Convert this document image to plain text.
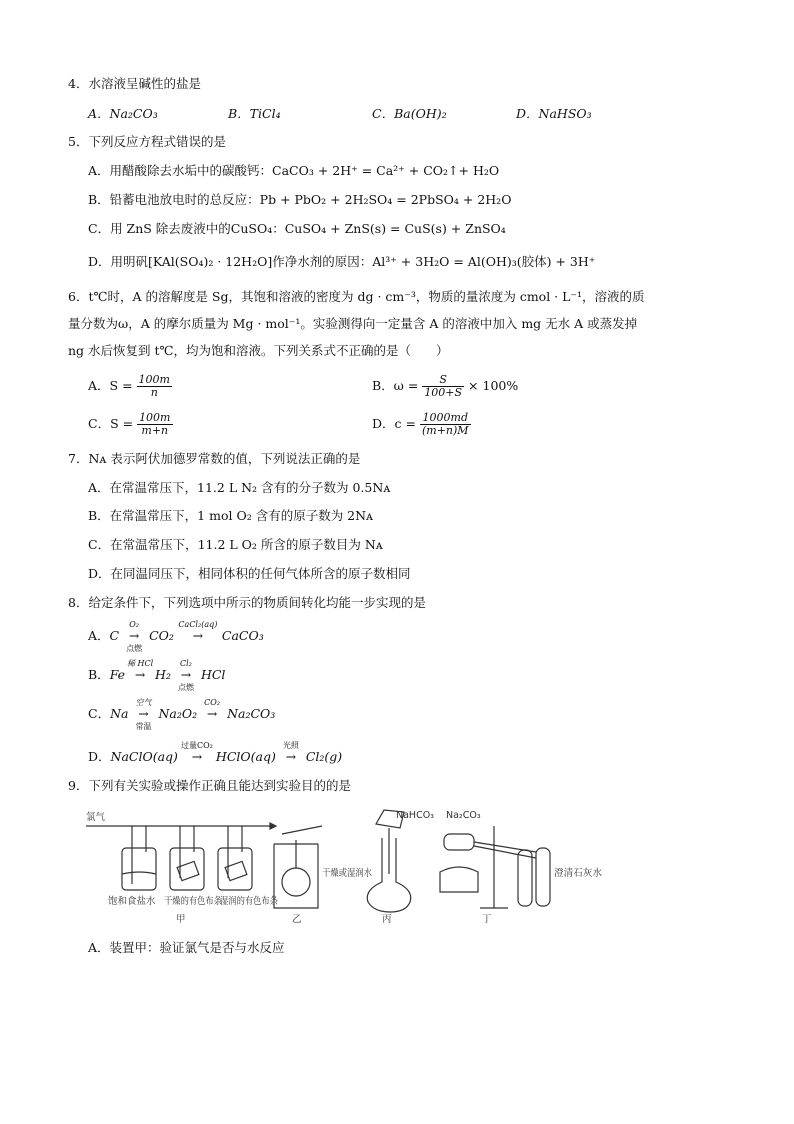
4．水溶液呈碱性的盐是
A．Na₂CO₃	B．TiCl₄	C．Ba(OH)₂	D．NaHSO₃
5．下列反应方程式错误的是
A．用醋酸除去水垢中的碳酸钙：CaCO₃ + 2H⁺ = Ca²⁺ + CO₂↑+ H₂O
B．铅蓄电池放电时的总反应：Pb + PbO₂ + 2H₂SO₄ = 2PbSO₄ + 2H₂O
C．用 ZnS 除去废液中的CuSO₄：CuSO₄ + ZnS(s) = CuS(s) + ZnSO₄
D．用明矾[KAl(SO₄)₂ · 12H₂O]作净水剂的原因：Al³⁺ + 3H₂O = Al(OH)₃(胶体) + 3H⁺
6．t℃时，A 的溶解度是 Sg，其饱和溶液的密度为 dg · cm⁻³，物质的量浓度为 cmol · L⁻¹，溶液的质
量分数为ω，A 的摩尔质量为 Mg · mol⁻¹。实验测得向一定量含 A 的溶液中加入 mg 无水 A 或蒸发掉
ng 水后恢复到 t℃，均为饱和溶液。下列关系式不正确的是（　　）
A．$S = \frac{100m}{n}$	B．$\omega = \frac{S}{100+S} \times 100\%$
C．$S = \frac{100m}{m+n}$	D．$c = \frac{1000md}{(m+n)M}$
7．Nᴀ 表示阿伏加德罗常数的值，下列说法正确的是
A．在常温常压下，11.2 L N₂ 含有的分子数为 0.5Nᴀ
B．在常温常压下，1 mol O₂ 含有的原子数为 2Nᴀ
C．在常温常压下，11.2 L O₂ 所含的原子数目为 Nᴀ
D．在同温同压下，相同体积的任何气体所含的原子数相同
8．给定条件下，下列选项中所示的物质间转化均能一步实现的是
A．C →
O₂
点燃
CO₂ →
CaCl₂(aq)
CaCO₃
B．Fe →
稀 HCl
H₂ →
Cl₂
点燃
HCl
C．Na →
空气
常温
Na₂O₂ →
CO₂
Na₂CO₃
D．NaClO(aq) →
过量CO₂
HClO(aq) →
光照
Cl₂(g)
9．下列有关实验或操作正确且能达到实验目的的是
氯气
饱和食盐水 干燥的有色布条
湿润的有色布条
甲
干燥或湿润水
乙	丙
NaHCO₃ Na₂CO₃
澄清石灰水
丁
A．装置甲：验证氯气是否与水反应
